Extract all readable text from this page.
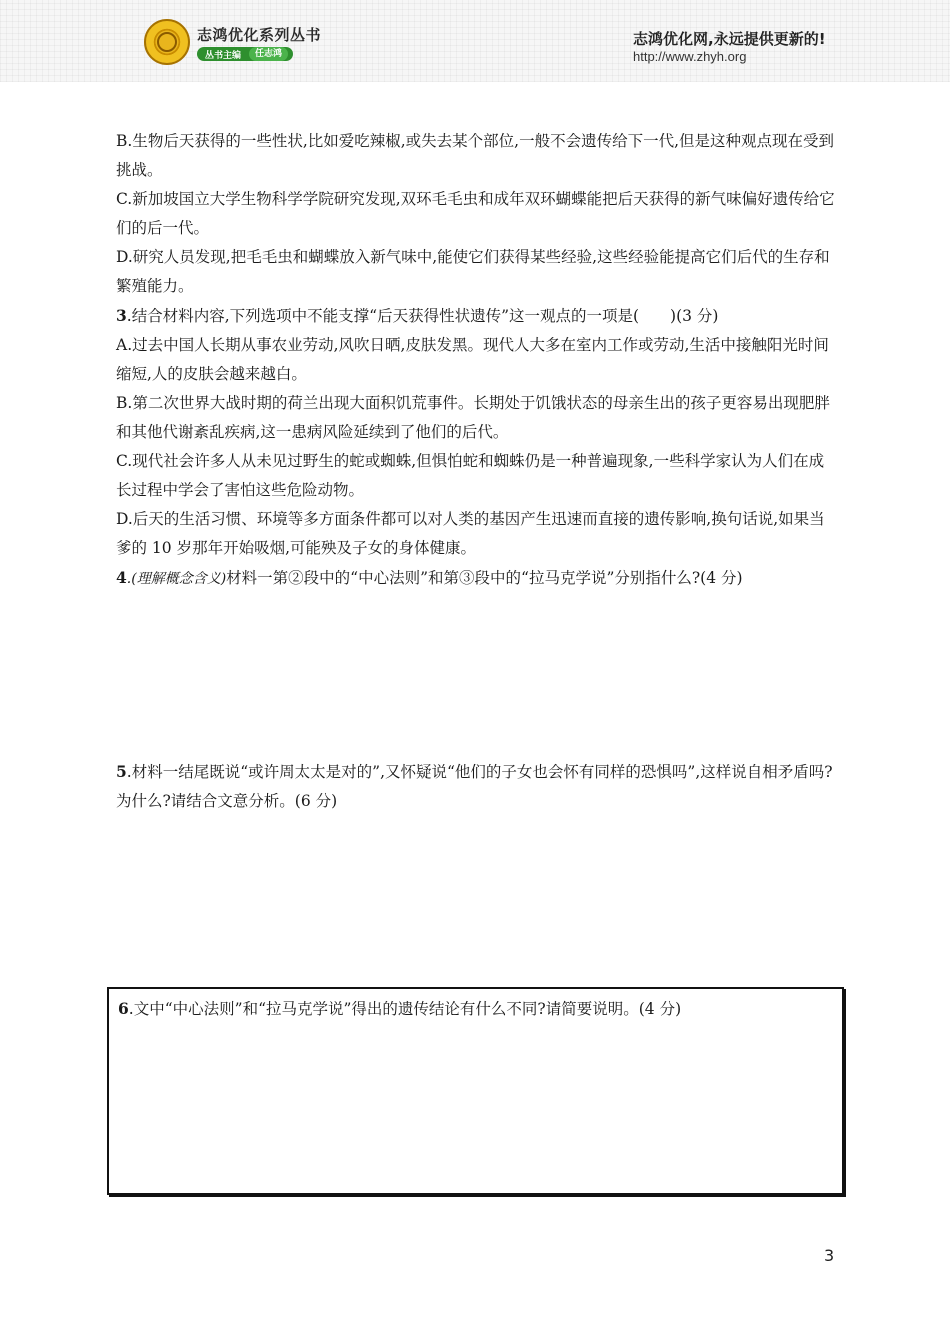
志鸿优化系列丛书
丛书主编	任志鸿
志鸿优化网,永远提供更新的!
http://www.zhyh.org

B.生物后天获得的一些性状,比如爱吃辣椒,或失去某个部位,一般不会遗传给下一代,但是这种观点现在受到挑战。

C.新加坡国立大学生物科学学院研究发现,双环毛毛虫和成年双环蝴蝶能把后天获得的新气味偏好遗传给它们的后一代。

D.研究人员发现,把毛毛虫和蝴蝶放入新气味中,能使它们获得某些经验,这些经验能提高它们后代的生存和繁殖能力。

3.结合材料内容,下列选项中不能支撑“后天获得性状遗传”这一观点的一项是(　　)(3 分)

A.过去中国人长期从事农业劳动,风吹日晒,皮肤发黑。现代人大多在室内工作或劳动,生活中接触阳光时间缩短,人的皮肤会越来越白。

B.第二次世界大战时期的荷兰出现大面积饥荒事件。长期处于饥饿状态的母亲生出的孩子更容易出现肥胖和其他代谢紊乱疾病,这一患病风险延续到了他们的后代。

C.现代社会许多人从未见过野生的蛇或蜘蛛,但惧怕蛇和蜘蛛仍是一种普遍现象,一些科学家认为人们在成长过程中学会了害怕这些危险动物。

D.后天的生活习惯、环境等多方面条件都可以对人类的基因产生迅速而直接的遗传影响,换句话说,如果当爹的 10 岁那年开始吸烟,可能殃及子女的身体健康。

4.(理解概念含义)材料一第②段中的“中心法则”和第③段中的“拉马克学说”分别指什么?(4 分)

5.材料一结尾既说“或许周太太是对的”,又怀疑说“他们的子女也会怀有同样的恐惧吗”,这样说自相矛盾吗?为什么?请结合文意分析。(6 分)

6.文中“中心法则”和“拉马克学说”得出的遗传结论有什么不同?请简要说明。(4 分)

3
